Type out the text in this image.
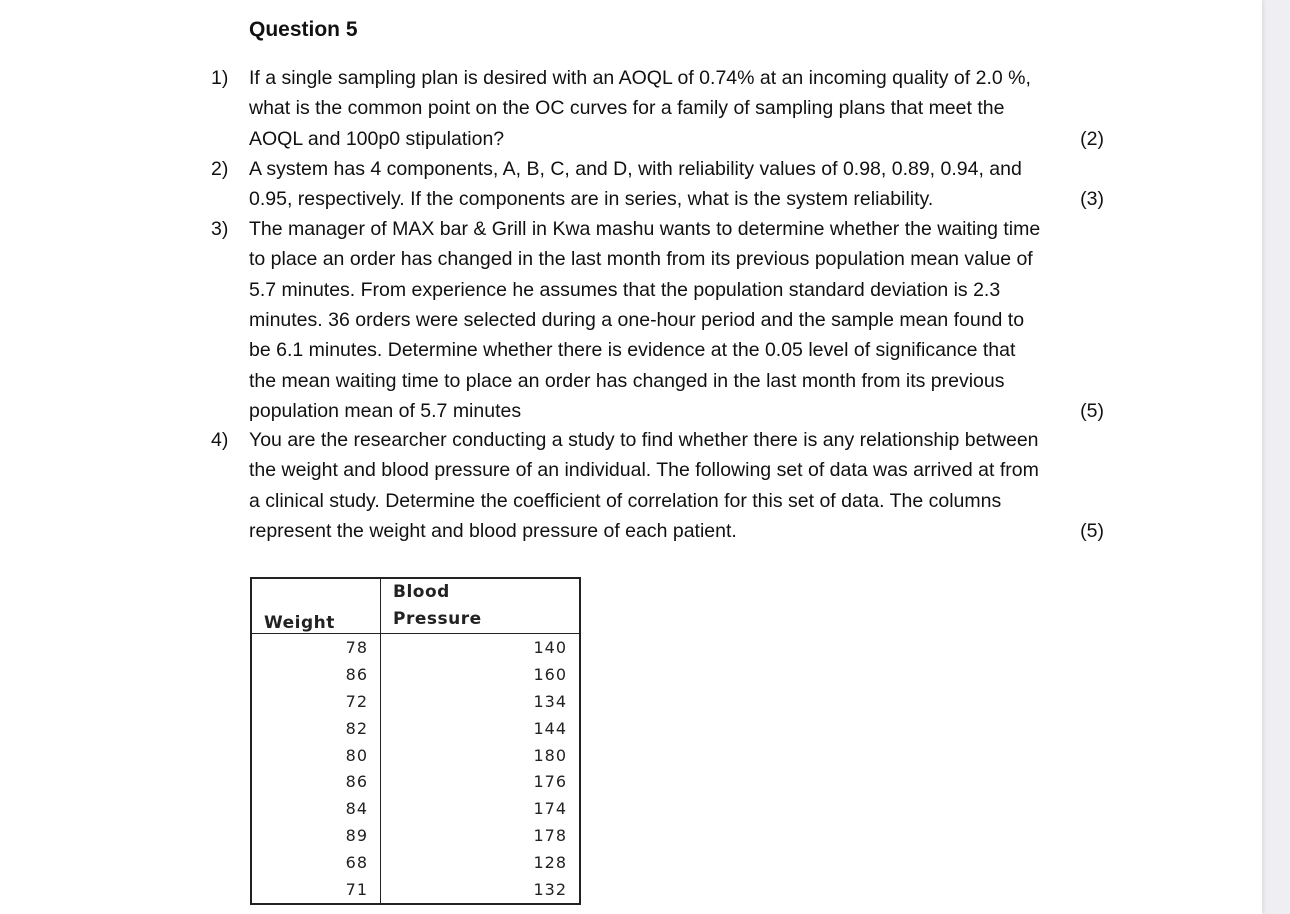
Question 5
1)	If a single sampling plan is desired with an AOQL of 0.74% at an incoming quality of 2.0 %,
what is the common point on the OC curves for a family of sampling plans that meet the
AOQL and 100p0 stipulation?	(2)
2)	A system has 4 components, A, B, C, and D, with reliability values of 0.98, 0.89, 0.94, and
0.95, respectively. If the components are in series, what is the system reliability.	(3)
3)	The manager of MAX bar & Grill in Kwa mashu wants to determine whether the waiting time
to place an order has changed in the last month from its previous population mean value of
5.7 minutes. From experience he assumes that the population standard deviation is 2.3
minutes. 36 orders were selected during a one-hour period and the sample mean found to
be 6.1 minutes. Determine whether there is evidence at the 0.05 level of significance that
the mean waiting time to place an order has changed in the last month from its previous
population mean of 5.7 minutes	(5)
4)	You are the researcher conducting a study to find whether there is any relationship between
the weight and blood pressure of an individual. The following set of data was arrived at from
a clinical study. Determine the coefficient of correlation for this set of data. The columns
represent the weight and blood pressure of each patient.	(5)
Weight	Blood
Pressure

78	140
86	160
72	134
82	144
80	180
86	176
84	174
89	178
68	128
71	132
